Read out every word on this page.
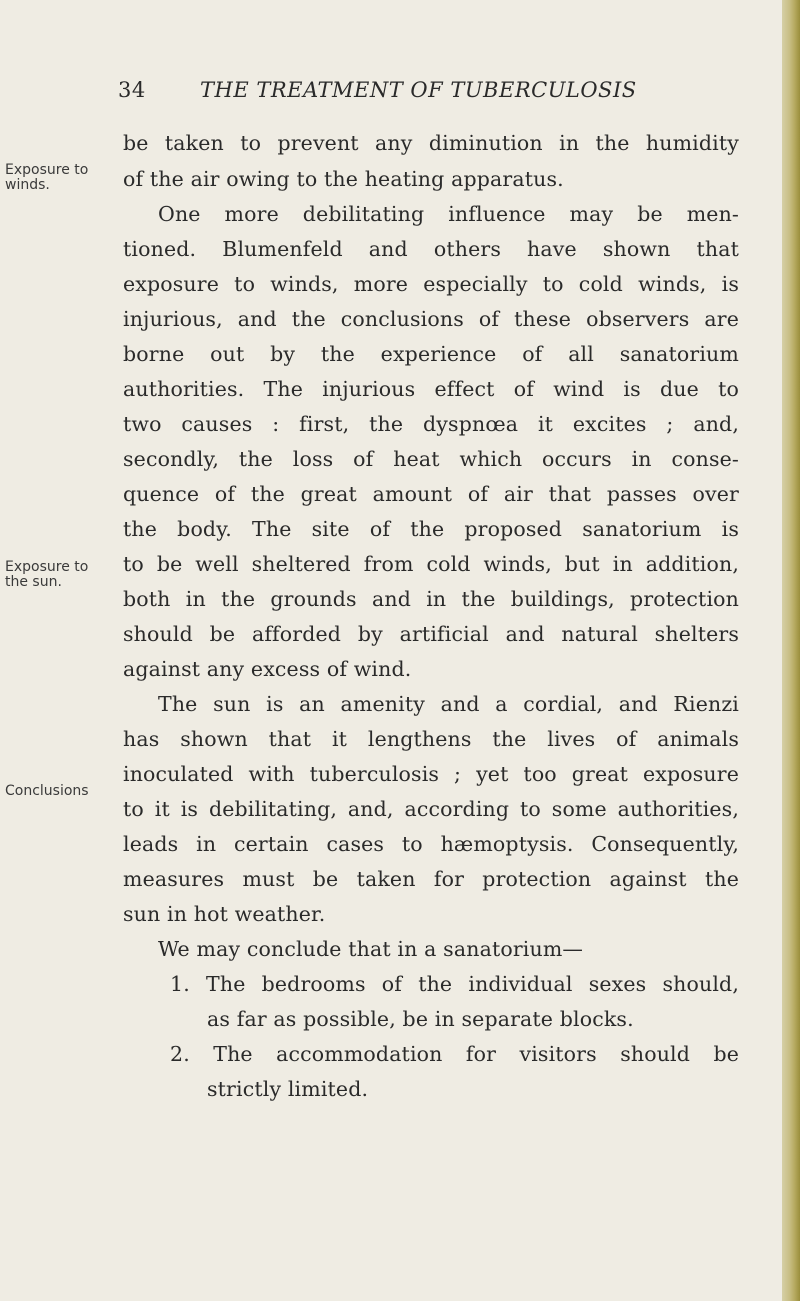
34	THE TREATMENT OF TUBERCULOSIS
Exposure to winds.
Exposure to the sun.
Conclusions
be taken to prevent any diminution in the humidity
of the air owing to the heating apparatus.
One more debilitating influence may be men-
tioned. Blumenfeld and others have shown that
exposure to winds, more especially to cold winds, is
injurious, and the conclusions of these observers are
borne out by the experience of all sanatorium
authorities. The injurious effect of wind is due to
two causes : first, the dyspnœa it excites ; and,
secondly, the loss of heat which occurs in conse-
quence of the great amount of air that passes over
the body. The site of the proposed sanatorium is
to be well sheltered from cold winds, but in addition,
both in the grounds and in the buildings, protection
should be afforded by artificial and natural shelters
against any excess of wind.
The sun is an amenity and a cordial, and Rienzi
has shown that it lengthens the lives of animals
inoculated with tuberculosis ; yet too great exposure
to it is debilitating, and, according to some authorities,
leads in certain cases to hæmoptysis. Consequently,
measures must be taken for protection against the
sun in hot weather.
We may conclude that in a sanatorium—
1. The bedrooms of the individual sexes should,
as far as possible, be in separate blocks.
2. The accommodation for visitors should be
strictly limited.
